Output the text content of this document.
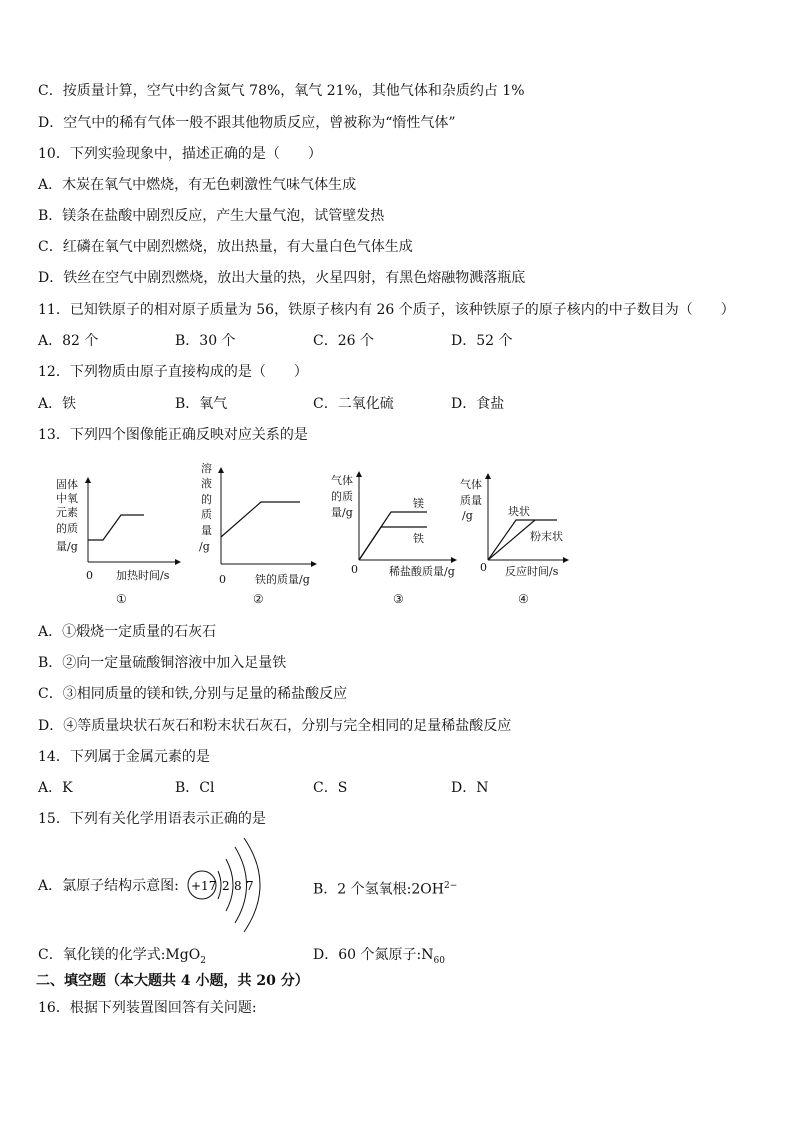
C．按质量计算，空气中约含氮气 78%，氧气 21%，其他气体和杂质约占 1%
D．空气中的稀有气体一般不跟其他物质反应，曾被称为“惰性气体”
10．下列实验现象中，描述正确的是（　　）
A．木炭在氧气中燃烧，有无色刺激性气味气体生成
B．镁条在盐酸中剧烈反应，产生大量气泡，试管壁发热
C．红磷在氧气中剧烈燃烧，放出热量，有大量白色气体生成
D．铁丝在空气中剧烈燃烧，放出大量的热，火星四射，有黑色熔融物溅落瓶底
11．已知铁原子的相对原子质量为 56，铁原子核内有 26 个质子，该种铁原子的原子核内的中子数目为（　　）
A．82 个	B．30 个	C．26 个	D．52 个
12．下列物质由原子直接构成的是（　　）
A．铁	B．氧气	C．二氧化硫	D．食盐
13．下列四个图像能正确反映对应关系的是
固体
中氧
元素
的质
量/g
0 加热时间/s
①
溶
液
的
质
量
/g
0	铁的质量/g
②
气体
的质
量/g
镁
铁
0	稀盐酸质量/g
③
气体
质量
/g	块状
粉末状
0 反应时间/s
④
A．①煅烧一定质量的石灰石
B．②向一定量硫酸铜溶液中加入足量铁
C．③相同质量的镁和铁,分别与足量的稀盐酸反应
D．④等质量块状石灰石和粉末状石灰石，分别与完全相同的足量稀盐酸反应
14．下列属于金属元素的是
A．K	B．Cl	C．S	D．N
15．下列有关化学用语表示正确的是
A．氯原子结构示意图: +17 2 8 7	B．2 个氢氧根$:2OH^{2-}$
C．氧化镁的化学式:MgO$_2$	D．60 个氮原子$:N_{60}$
二、填空题（本大题共 4 小题，共 20 分）
16．根据下列装置图回答有关问题:
